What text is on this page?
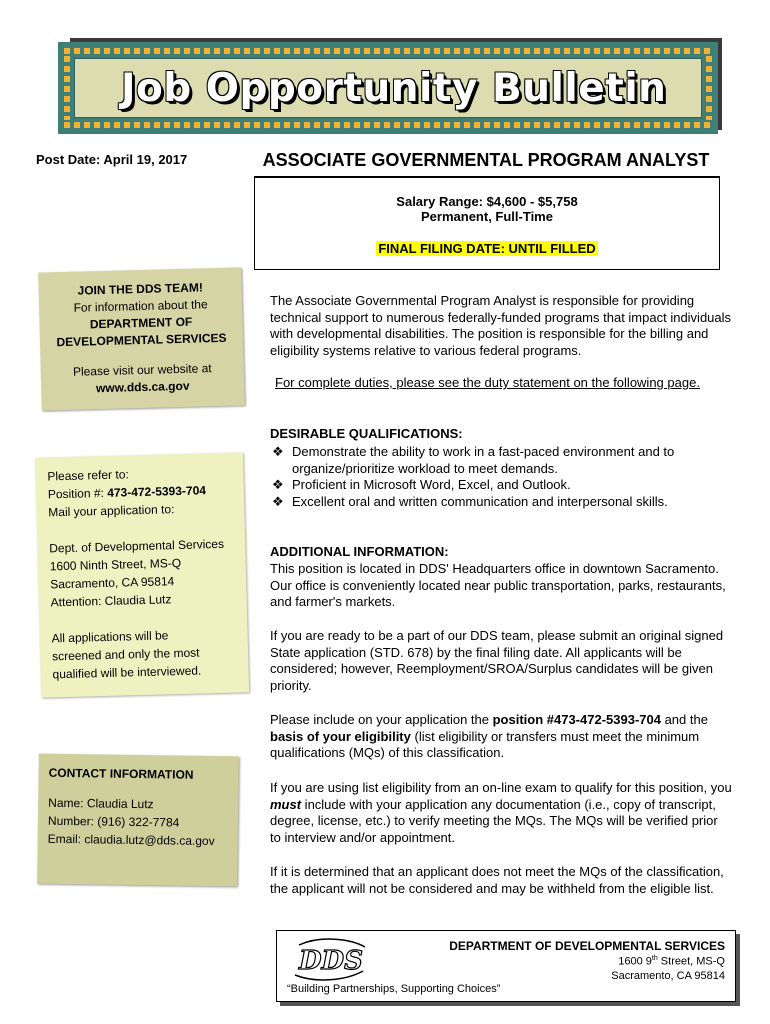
Job Opportunity Bulletin
Post Date: April 19, 2017	ASSOCIATE GOVERNMENTAL PROGRAM ANALYST
Salary Range: $4,600 - $5,758
Permanent, Full-Time
FINAL FILING DATE: UNTIL FILLED
JOIN THE DDS TEAM!
For information about the
DEPARTMENT OF DEVELOPMENTAL SERVICES
Please visit our website at
www.dds.ca.gov
Please refer to:
Position #: 473-472-5393-704
Mail your application to:
Dept. of Developmental Services
1600 Ninth Street, MS-Q
Sacramento, CA 95814
Attention: Claudia Lutz
All applications will be
screened and only the most
qualified will be interviewed.
CONTACT INFORMATION
Name: Claudia Lutz
Number: (916) 322-7784
Email: claudia.lutz@dds.ca.gov
The Associate Governmental Program Analyst is responsible for providing technical support to numerous federally-funded programs that impact individuals with developmental disabilities. The position is responsible for the billing and eligibility systems relative to various federal programs.
For complete duties, please see the duty statement on the following page.
DESIRABLE QUALIFICATIONS:
❖ Demonstrate the ability to work in a fast-paced environment and to organize/prioritize workload to meet demands.
❖ Proficient in Microsoft Word, Excel, and Outlook.
❖ Excellent oral and written communication and interpersonal skills.
ADDITIONAL INFORMATION:
This position is located in DDS' Headquarters office in downtown Sacramento. Our office is conveniently located near public transportation, parks, restaurants, and farmer's markets.
If you are ready to be a part of our DDS team, please submit an original signed State application (STD. 678) by the final filing date. All applicants will be considered; however, Reemployment/SROA/Surplus candidates will be given priority.
Please include on your application the position #473-472-5393-704 and the basis of your eligibility (list eligibility or transfers must meet the minimum qualifications (MQs) of this classification.
If you are using list eligibility from an on-line exam to qualify for this position, you must include with your application any documentation (i.e., copy of transcript, degree, license, etc.) to verify meeting the MQs. The MQs will be verified prior to interview and/or appointment.
If it is determined that an applicant does not meet the MQs of the classification, the applicant will not be considered and may be withheld from the eligible list.
DDS	DEPARTMENT OF DEVELOPMENTAL SERVICES
1600 9th Street, MS-Q
Sacramento, CA 95814
“Building Partnerships, Supporting Choices”
